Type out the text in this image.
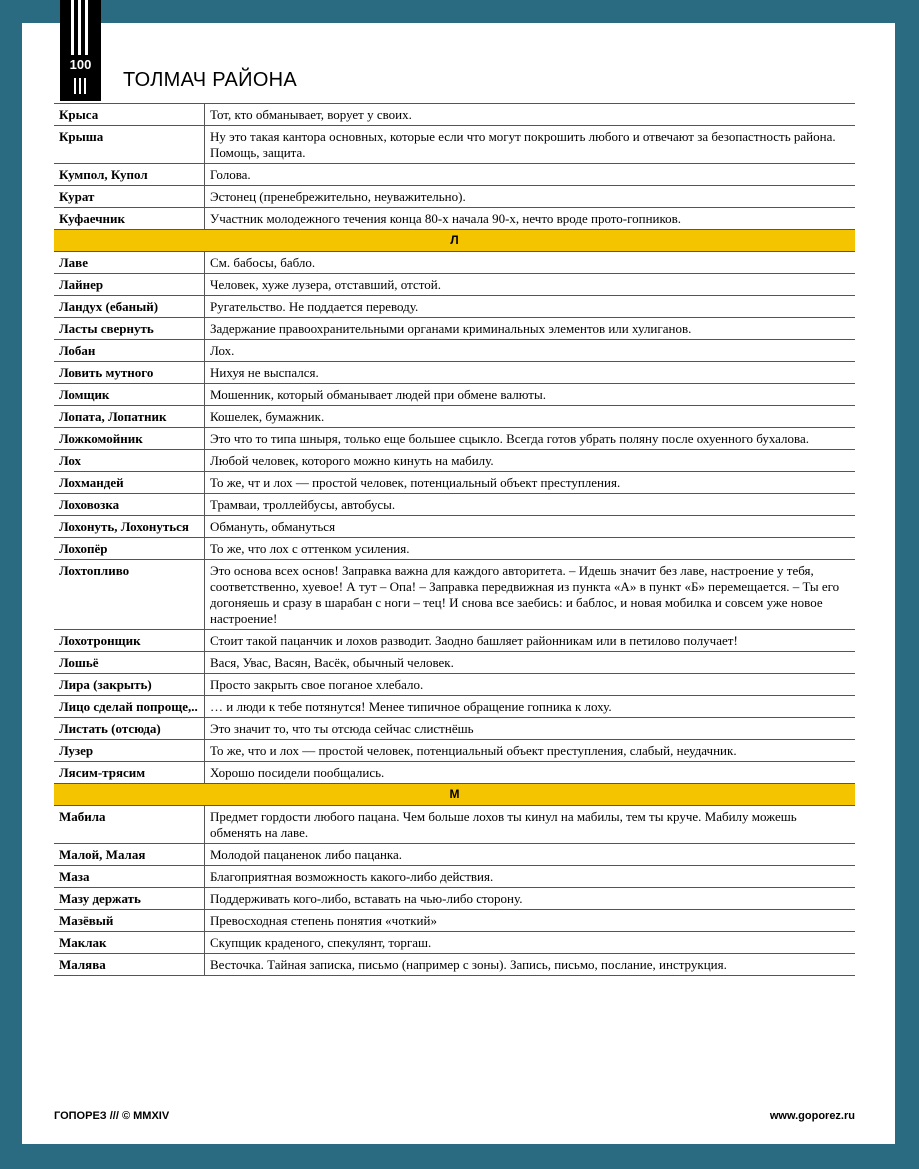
100
ТОЛМАЧ РАЙОНА
Крыса	Тот, кто обманывает, ворует у своих.
Крыша	Ну это такая кантора основных, которые если что могут покрошить любого и отвечают за безопастность района. Помощь, защита.
Кумпол, Купол	Голова.
Курат	Эстонец (пренебрежительно, неуважительно).
Куфаечник	Участник молодежного течения конца 80-х начала 90-х, нечто вроде прото-гопников.
Л	
Лаве	См. бабосы, бабло.
Лайнер	Человек, хуже лузера, отставший, отстой.
Ландух (ебаный)	Ругательство. Не поддается переводу.
Ласты свернуть	Задержание правоохранительными органами криминальных элементов или хулиганов.
Лобан	Лох.
Ловить мутного	Нихуя не выспался.
Ломщик	Мошенник, который обманывает людей при обмене валюты.
Лопата, Лопатник	Кошелек, бумажник.
Ложкомойник	Это что то типа шныря, только еще большее сцыкло. Всегда готов убрать поляну после охуенного бухалова.
Лох	Любой человек, которого можно кинуть на мабилу.
Лохмандей	То же, чт и лох — простой человек, потенциальный объект преступления.
Лоховозка	Трамваи, троллейбусы, автобусы.
Лохонуть, Лохонуться	Обмануть, обмануться
Лохопёр	То же, что лох с оттенком усиления.
Лохтопливо	Это основа всех основ! Заправка важна для каждого авторитета. – Идешь значит без лаве, настроение у тебя, соответственно, хуевое! А тут – Опа! – Заправка передвижная из пункта «А» в пункт «Б» перемещается. – Ты его догоняешь и сразу в шарабан с ноги – тец! И снова все заебись: и баблос, и новая мобилка и совсем уже новое настроение!
Лохотронщик	Стоит такой пацанчик и лохов разводит. Заодно башляет районникам или в петилово получает!
Лошьё	Вася, Увас, Васян, Васёк, обычный человек.
Лира (закрыть)	Просто закрыть свое поганое хлебало.
Лицо сделай попроще,..	… и люди к тебе потянутся! Менее типичное обращение гопника к лоху.
Листать (отсюда)	Это значит то, что ты отсюда сейчас слистнёшь
Лузер	То же, что и лох — простой человек, потенциальный объект преступления, слабый, неудачник.
Лясим-трясим	Хорошо посидели пообщались.
М	
Мабила	Предмет гордости любого пацана. Чем больше лохов ты кинул на мабилы, тем ты круче. Мабилу можешь обменять на лаве.
Малой, Малая	Молодой пацаненок либо пацанка.
Маза	Благоприятная возможность какого-либо действия.
Мазу держать	Поддерживать кого-либо, вставать на чью-либо сторону.
Мазёвый	Превосходная степень понятия «чоткий»
Маклак	Скупщик краденого, спекулянт, торгаш.
Малява	Весточка. Тайная записка, письмо (например с зоны). Запись, письмо, послание, инструкция.
ГОПОРЕЗ /// © MMXIV	www.goporez.ru
